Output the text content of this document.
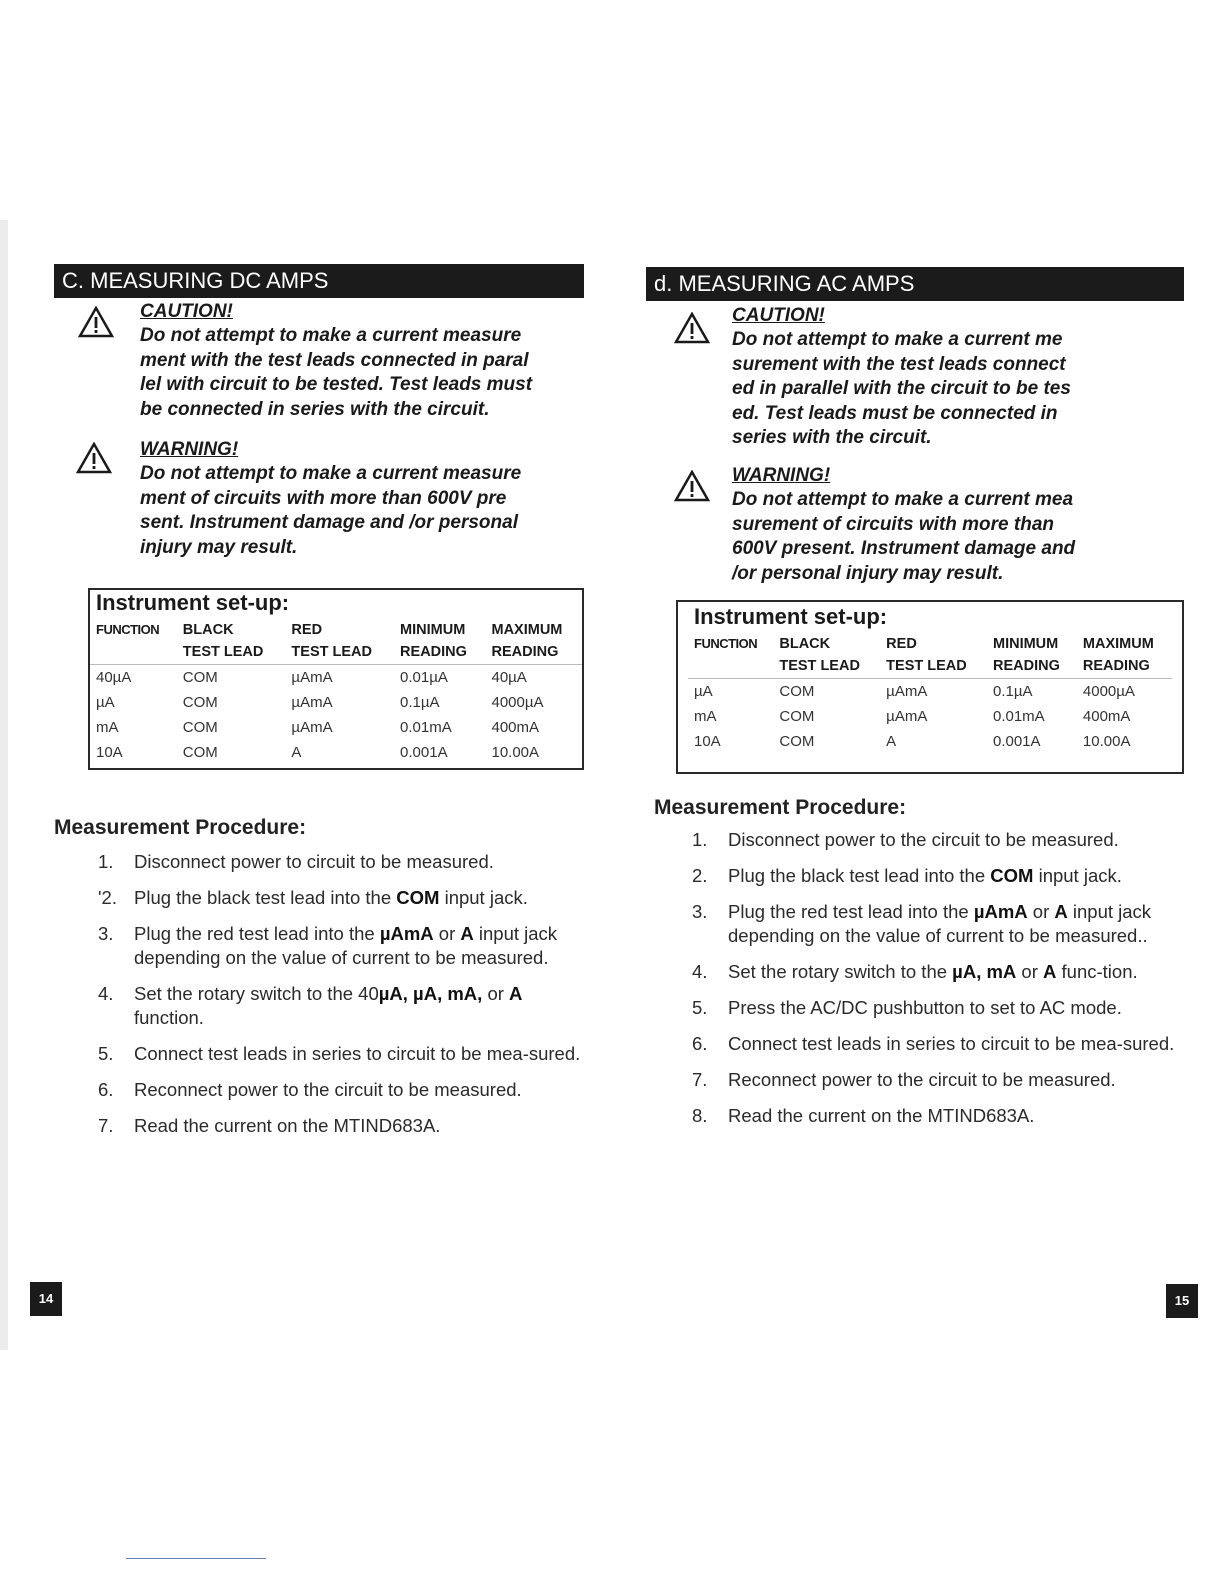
C. MEASURING DC AMPS
CAUTION!
Do not attempt to make a current measure
ment with the test leads connected in paral
lel with circuit to be tested. Test leads must
be connected in series with the circuit.
WARNING!
Do not attempt to make a current measure
ment of circuits with more than 600V pre
sent. Instrument damage and /or personal
injury may result.
Instrument set-up:
FUNCTION	BLACK	RED	MINIMUM	MAXIMUM
	TEST LEAD	TEST LEAD	READING	READING
40µA	COM	µAmA	0.01µA	40µA
µA	COM	µAmA	0.1µA	4000µA
mA	COM	µAmA	0.01mA	400mA
10A	COM	A	0.001A	10.00A
Measurement Procedure:
1. Disconnect power to circuit to be measured.
'2. Plug the black test lead into the COM input jack.
3. Plug the red test lead into the µAmA or A input jack depending on the value of current to be measured.
4. Set the rotary switch to the 40µA, µA, mA, or A function.
5. Connect test leads in series to circuit to be mea-sured.
6. Reconnect power to the circuit to be measured.
7. Read the current on the MTIND683A.
14
d. MEASURING AC AMPS
CAUTION!
Do not attempt to make a current me
surement with the test leads connect
ed in parallel with the circuit to be tes
ed. Test leads must be connected in
series with the circuit.
WARNING!
Do not attempt to make a current mea
surement of circuits with more than
600V present. Instrument damage and
/or personal injury may result.
Instrument set-up:
FUNCTION	BLACK	RED	MINIMUM	MAXIMUM
	TEST LEAD	TEST LEAD	READING	READING
µA	COM	µAmA	0.1µA	4000µA
mA	COM	µAmA	0.01mA	400mA
10A	COM	A	0.001A	10.00A
Measurement Procedure:
1. Disconnect power to the circuit to be measured.
2. Plug the black test lead into the COM input jack.
3. Plug the red test lead into the µAmA or A input jack depending on the value of current to be measured..
4. Set the rotary switch to the µA, mA or A func-tion.
5. Press the AC/DC pushbutton to set to AC mode.
6. Connect test leads in series to circuit to be mea-sured.
7. Reconnect power to the circuit to be measured.
8. Read the current on the MTIND683A.
15
